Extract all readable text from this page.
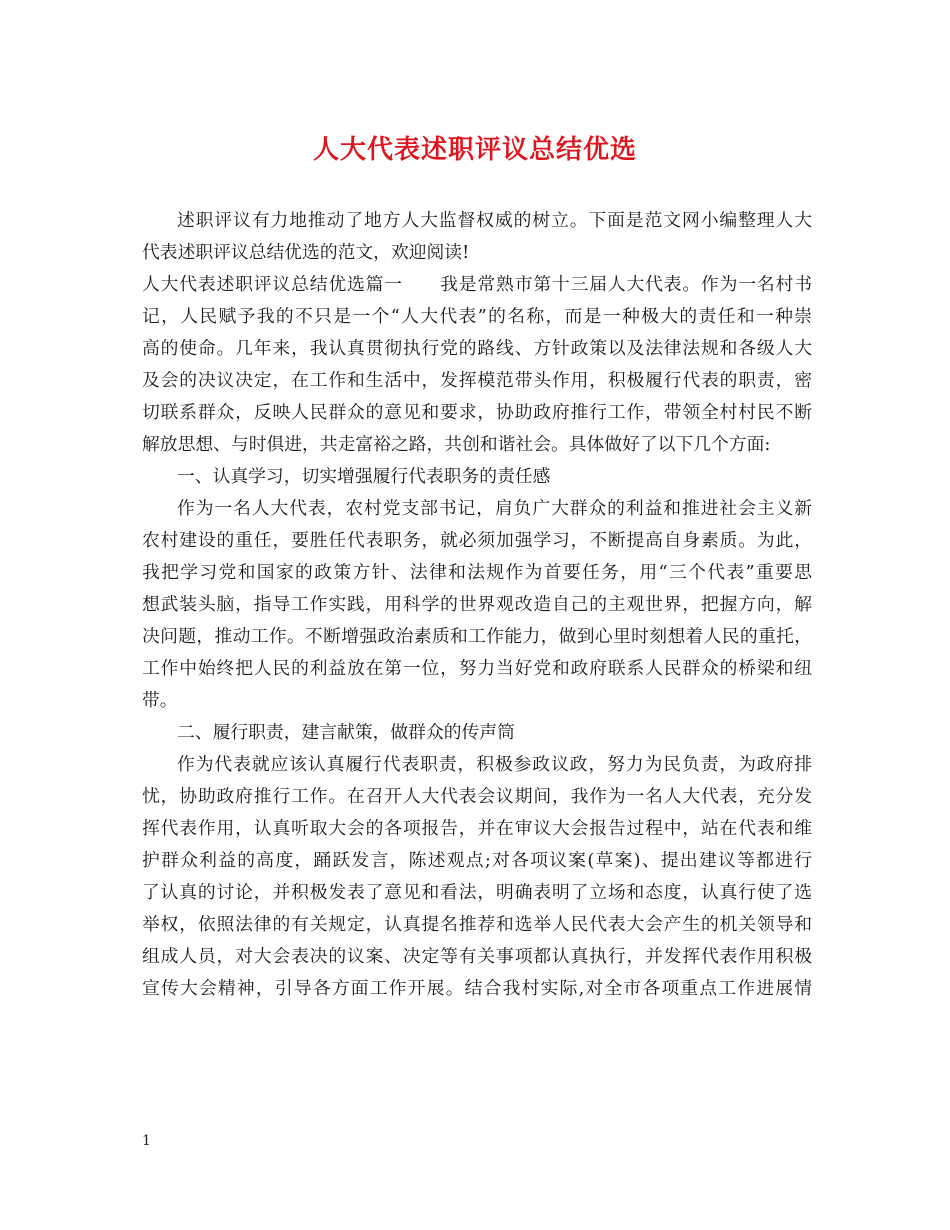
人大代表述职评议总结优选
述职评议有力地推动了地方人大监督权威的树立。下面是范文网小编整理人大
代表述职评议总结优选的范文，欢迎阅读!
人大代表述职评议总结优选篇一　　我是常熟市第十三届人大代表。作为一名村书
记，人民赋予我的不只是一个“人大代表”的名称，而是一种极大的责任和一种崇
高的使命。几年来，我认真贯彻执行党的路线、方针政策以及法律法规和各级人大
及会的决议决定，在工作和生活中，发挥模范带头作用，积极履行代表的职责，密
切联系群众，反映人民群众的意见和要求，协助政府推行工作，带领全村村民不断
解放思想、与时俱进，共走富裕之路，共创和谐社会。具体做好了以下几个方面:
一、认真学习，切实增强履行代表职务的责任感
作为一名人大代表，农村党支部书记，肩负广大群众的利益和推进社会主义新
农村建设的重任，要胜任代表职务，就必须加强学习，不断提高自身素质。为此，
我把学习党和国家的政策方针、法律和法规作为首要任务，用“三个代表”重要思
想武装头脑，指导工作实践，用科学的世界观改造自己的主观世界，把握方向，解
决问题，推动工作。不断增强政治素质和工作能力，做到心里时刻想着人民的重托，
工作中始终把人民的利益放在第一位，努力当好党和政府联系人民群众的桥梁和纽
带。
二、履行职责，建言献策，做群众的传声筒
作为代表就应该认真履行代表职责，积极参政议政，努力为民负责，为政府排
忧，协助政府推行工作。在召开人大代表会议期间，我作为一名人大代表，充分发
挥代表作用，认真听取大会的各项报告，并在审议大会报告过程中，站在代表和维
护群众利益的高度，踊跃发言，陈述观点;对各项议案(草案)、提出建议等都进行
了认真的讨论，并积极发表了意见和看法，明确表明了立场和态度，认真行使了选
举权，依照法律的有关规定，认真提名推荐和选举人民代表大会产生的机关领导和
组成人员，对大会表决的议案、决定等有关事项都认真执行，并发挥代表作用积极
宣传大会精神，引导各方面工作开展。结合我村实际,对全市各项重点工作进展情
1
